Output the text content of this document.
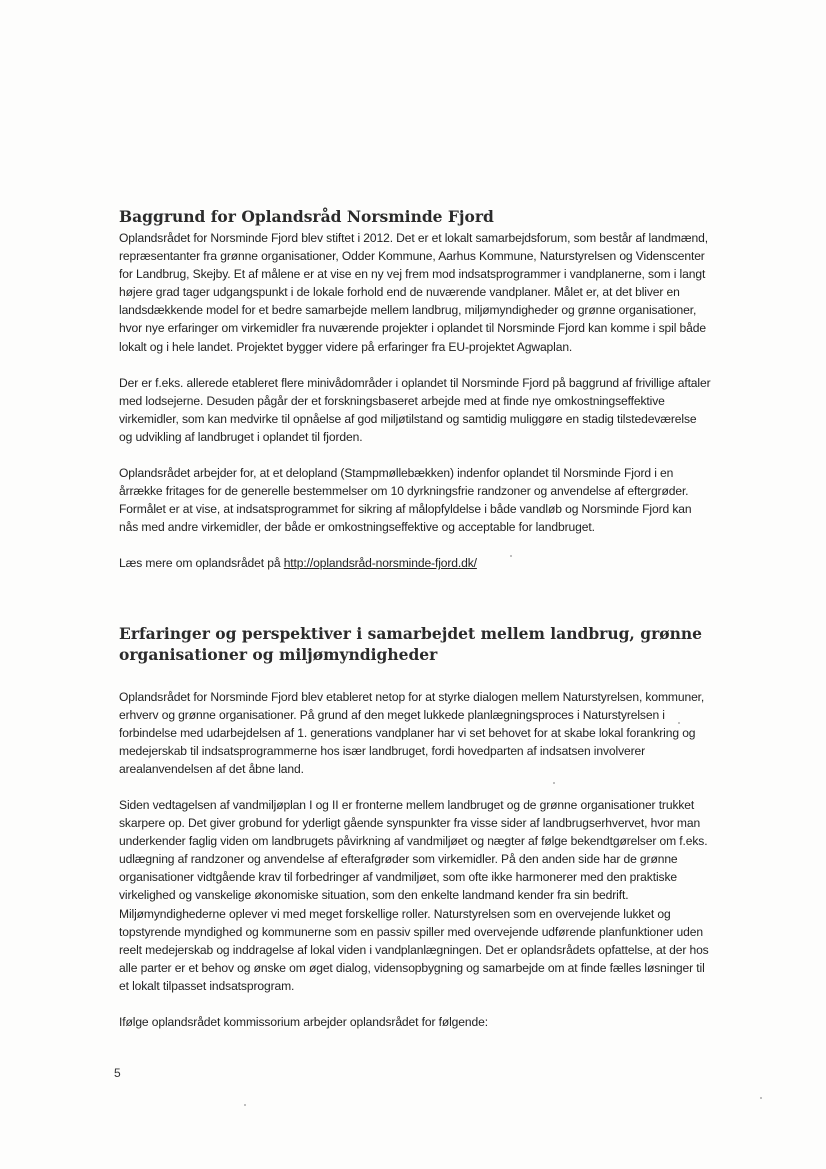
Baggrund for Oplandsråd Norsminde Fjord

Oplandsrådet for Norsminde Fjord blev stiftet i 2012. Det er et lokalt samarbejdsforum, som består af landmænd, repræsentanter fra grønne organisationer, Odder Kommune, Aarhus Kommune, Naturstyrelsen og Videnscenter for Landbrug, Skejby. Et af målene er at vise en ny vej frem mod indsatsprogrammer i vandplanerne, som i langt højere grad tager udgangspunkt i de lokale forhold end de nuværende vandplaner. Målet er, at det bliver en landsdækkende model for et bedre samarbejde mellem landbrug, miljømyndigheder og grønne organisationer, hvor nye erfaringer om virkemidler fra nuværende projekter i oplandet til Norsminde Fjord kan komme i spil både lokalt og i hele landet. Projektet bygger videre på erfaringer fra EU-projektet Agwaplan.

Der er f.eks. allerede etableret flere minivådområder i oplandet til Norsminde Fjord på baggrund af frivillige aftaler med lodsejerne. Desuden pågår der et forskningsbaseret arbejde med at finde nye omkostningseffektive virkemidler, som kan medvirke til opnåelse af god miljøtilstand og samtidig muliggøre en stadig tilstedeværelse og udvikling af landbruget i oplandet til fjorden.

Oplandsrådet arbejder for, at et delopland (Stampmøllebækken) indenfor oplandet til Norsminde Fjord i en årrække fritages for de generelle bestemmelser om 10 dyrkningsfrie randzoner og anvendelse af eftergrøder. Formålet er at vise, at indsatsprogrammet for sikring af målopfyldelse i både vandløb og Norsminde Fjord kan nås med andre virkemidler, der både er omkostningseffektive og acceptable for landbruget.

Læs mere om oplandsrådet på http://oplandsråd-norsminde-fjord.dk/

Erfaringer og perspektiver i samarbejdet mellem landbrug, grønne organisationer og miljømyndigheder

Oplandsrådet for Norsminde Fjord blev etableret netop for at styrke dialogen mellem Naturstyrelsen, kommuner, erhverv og grønne organisationer. På grund af den meget lukkede planlægningsproces i Naturstyrelsen i forbindelse med udarbejdelsen af 1. generations vandplaner har vi set behovet for at skabe lokal forankring og medejerskab til indsatsprogrammerne hos især landbruget, fordi hovedparten af indsatsen involverer arealanvendelsen af det åbne land.

Siden vedtagelsen af vandmiljøplan I og II er fronterne mellem landbruget og de grønne organisationer trukket skarpere op. Det giver grobund for yderligt gående synspunkter fra visse sider af landbrugserhvervet, hvor man underkender faglig viden om landbrugets påvirkning af vandmiljøet og nægter af følge bekendtgørelser om f.eks. udlægning af randzoner og anvendelse af efterafgrøder som virkemidler. På den anden side har de grønne organisationer vidtgående krav til forbedringer af vandmiljøet, som ofte ikke harmonerer med den praktiske virkelighed og vanskelige økonomiske situation, som den enkelte landmand kender fra sin bedrift. Miljømyndighederne oplever vi med meget forskellige roller. Naturstyrelsen som en overvejende lukket og topstyrende myndighed og kommunerne som en passiv spiller med overvejende udførende planfunktioner uden reelt medejerskab og inddragelse af lokal viden i vandplanlægningen. Det er oplandsrådets opfattelse, at der hos alle parter er et behov og ønske om øget dialog, vidensopbygning og samarbejde om at finde fælles løsninger til et lokalt tilpasset indsatsprogram.

Ifølge oplandsrådet kommissorium arbejder oplandsrådet for følgende:

5
